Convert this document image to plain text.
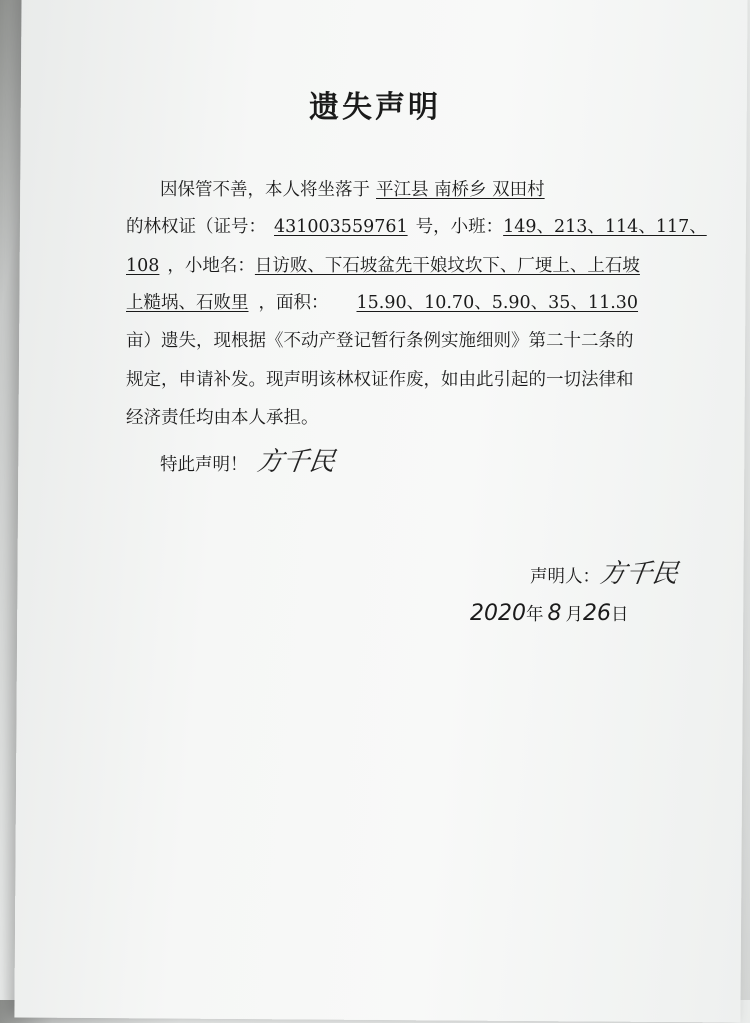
遗失声明
因保管不善，本人将坐落于 平江县 南桥乡 双田村
的林权证（证号： 431003559761 号，小班：149、213、114、117、
108 ，小地名：日访败、下石坡盆先干娘坟坎下、厂埂上、上石坡
上糙埚、石败里 ，面积： 15.90、10.70、5.90、35、11.30
亩）遗失，现根据《不动产登记暂行条例实施细则》第二十二条的
规定，申请补发。现声明该林权证作废，如由此引起的一切法律和
经济责任均由本人承担。
特此声明！ 方千民
声明人：方千民
2020年 8 月26日
